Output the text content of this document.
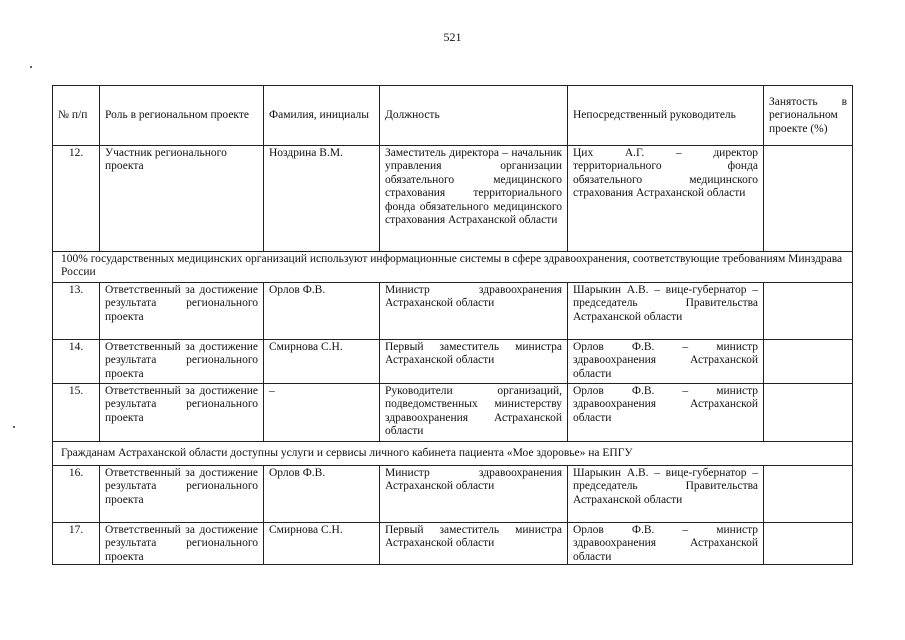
521
№ п/п	Роль в региональном проекте	Фамилия, инициалы	Должность	Непосредственный руководитель	Занятость в региональном проекте (%)
12.	Участник регионального проекта	Ноздрина В.М.	Заместитель директора – начальник управления организации обязательного медицинского страхования территориального фонда обязательного медицинского страхования Астраханской области	Цих А.Г. – директор территориального фонда обязательного медицинского страхования Астраханской области	
100% государственных медицинских организаций используют информационные системы в сфере здравоохранения, соответствующие требованиям Минздрава России					
13.	Ответственный за достижение результата регионального проекта	Орлов Ф.В.	Министр здравоохранения Астраханской области	Шарыкин А.В. – вице-губернатор – председатель Правительства Астраханской области	
14.	Ответственный за достижение результата регионального проекта	Смирнова С.Н.	Первый заместитель министра Астраханской области	Орлов Ф.В. – министр здравоохранения Астраханской области	
15.	Ответственный за достижение результата регионального проекта	–	Руководители организаций, подведомственных министерству здравоохранения Астраханской области	Орлов Ф.В. – министр здравоохранения Астраханской области	
Гражданам Астраханской области доступны услуги и сервисы личного кабинета пациента «Мое здоровье» на ЕПГУ					
16.	Ответственный за достижение результата регионального проекта	Орлов Ф.В.	Министр здравоохранения Астраханской области	Шарыкин А.В. – вице-губернатор – председатель Правительства Астраханской области	
17.	Ответственный за достижение результата регионального проекта	Смирнова С.Н.	Первый заместитель министра Астраханской области	Орлов Ф.В. – министр здравоохранения Астраханской области	
